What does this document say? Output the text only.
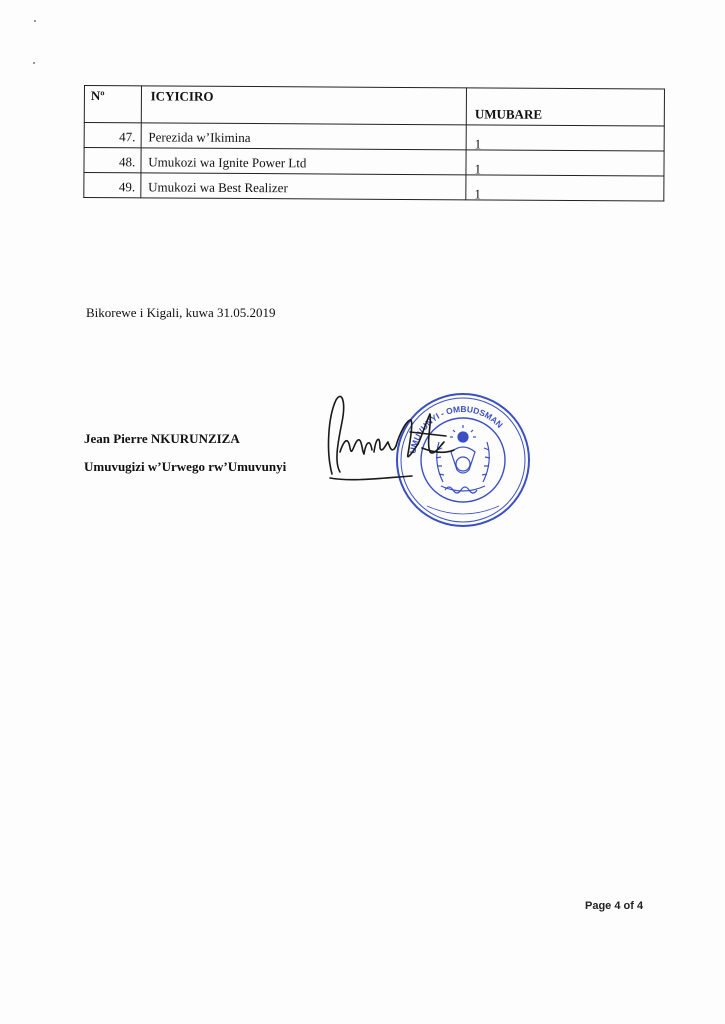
Nº	ICYICIRO	UMUBARE
47.	Perezida w’Ikimina	1
48.	Umukozi wa Ignite Power Ltd	1
49.	Umukozi wa Best Realizer	1
Bikorewe i Kigali, kuwa 31.05.2019
Jean Pierre NKURUNZIZA
Umuvugizi w’Urwego rw’Umuvunyi
UMUVUNYI - OMBUDSMAN
Page 4 of 4
